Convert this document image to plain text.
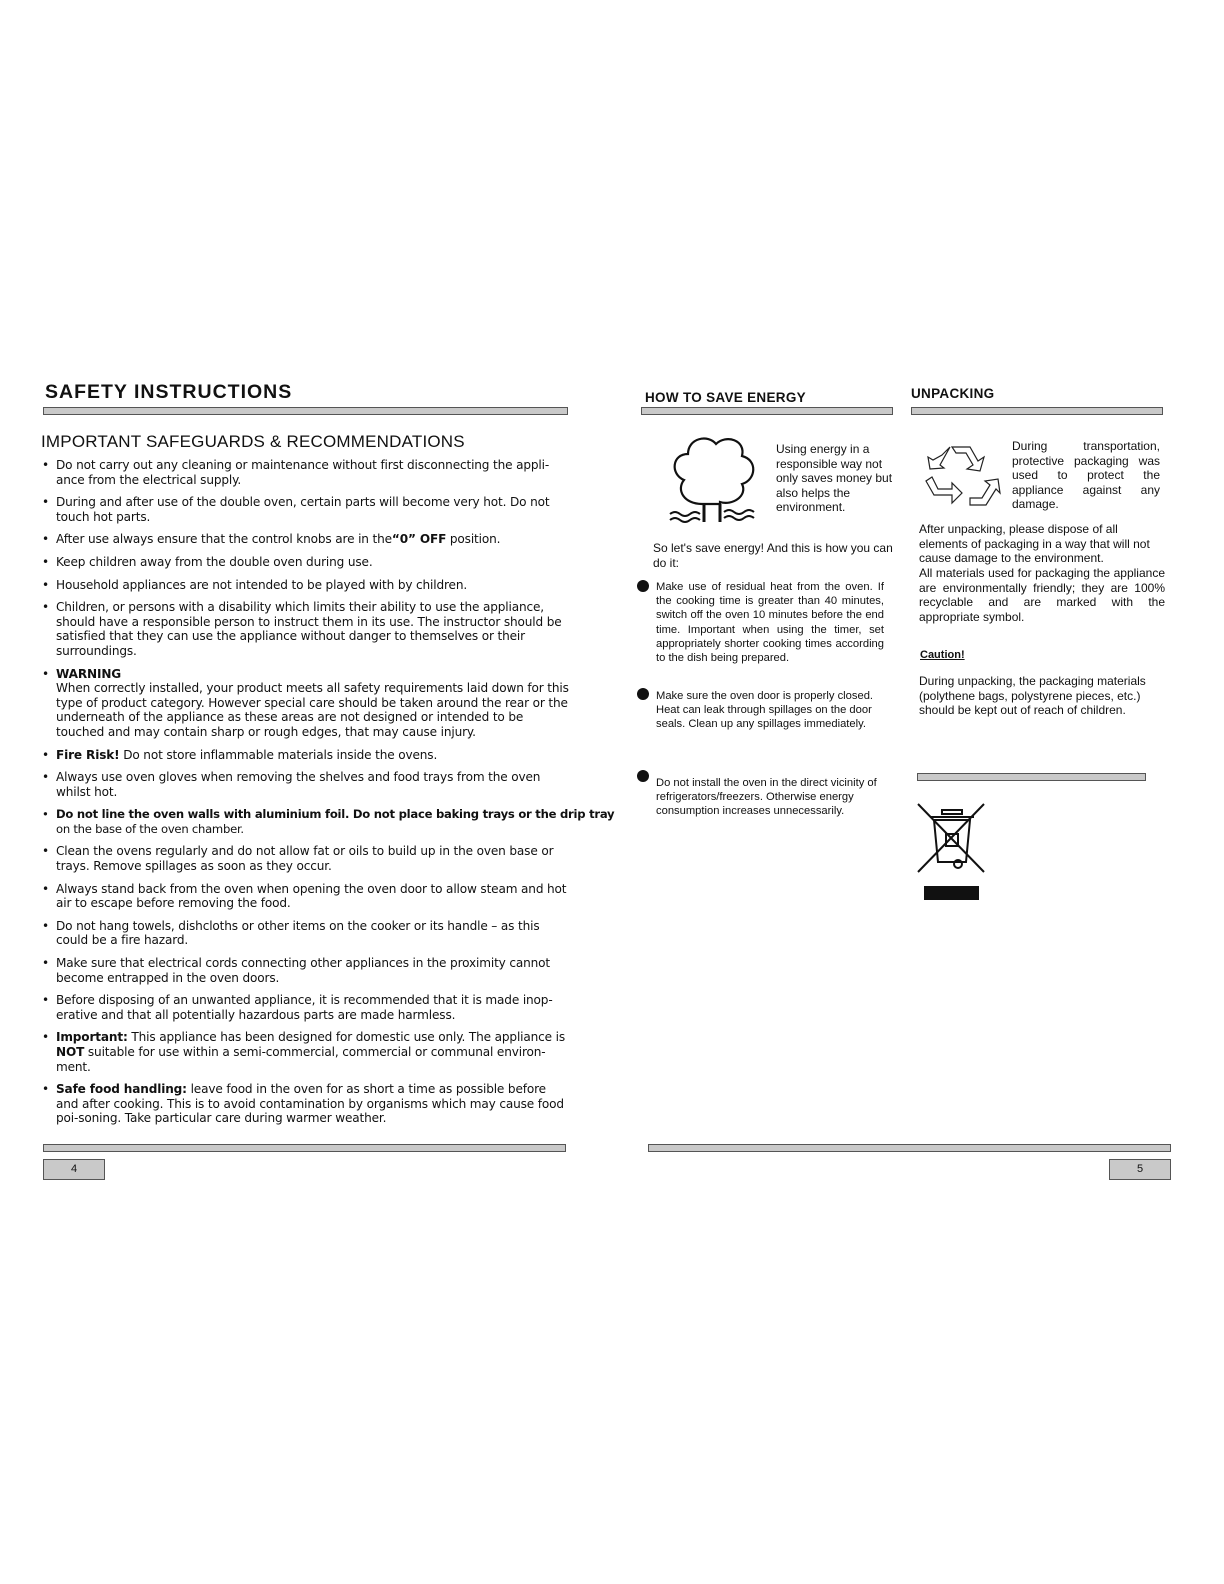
SAFETY INSTRUCTIONS
IMPORTANT SAFEGUARDS & RECOMMENDATIONS
• Do not carry out any cleaning or maintenance without first disconnecting the appli-ance from the electrical supply.
• During and after use of the double oven, certain parts will become very hot. Do not touch hot parts.
• After use always ensure that the control knobs are in the“0” OFF position.
• Keep children away from the double oven during use.
• Household appliances are not intended to be played with by children.
• Children, or persons with a disability which limits their ability to use the appliance, should have a responsible person to instruct them in its use. The instructor should be satisfied that they can use the appliance without danger to themselves or their surroundings.
• WARNING
When correctly installed, your product meets all safety requirements laid down for this type of product category. However special care should be taken around the rear or the underneath of the appliance as these areas are not designed or intended to be touched and may contain sharp or rough edges, that may cause injury.
• Fire Risk! Do not store inflammable materials inside the ovens.
• Always use oven gloves when removing the shelves and food trays from the oven whilst hot.
• Do not line the oven walls with aluminium foil. Do not place baking trays or the drip tray on the base of the oven chamber.
• Clean the ovens regularly and do not allow fat or oils to build up in the oven base or trays. Remove spillages as soon as they occur.
• Always stand back from the oven when opening the oven door to allow steam and hot air to escape before removing the food.
• Do not hang towels, dishcloths or other items on the cooker or its handle – as this could be a fire hazard.
• Make sure that electrical cords connecting other appliances in the proximity cannot become entrapped in the oven doors.
• Before disposing of an unwanted appliance, it is recommended that it is made inop-erative and that all potentially hazardous parts are made harmless.
• Important: This appliance has been designed for domestic use only. The appliance is NOT suitable for use within a semi-commercial, commercial or communal environ-ment.
• Safe food handling: leave food in the oven for as short a time as possible before and after cooking. This is to avoid contamination by organisms which may cause food poi-soning. Take particular care during warmer weather.
4
HOW TO SAVE ENERGY
Using energy in a responsible way not only saves money but also helps the environment.
So let's save energy! And this is how you can do it:
Make use of residual heat from the oven. If the cooking time is greater than 40 minutes, switch off the oven 10 minutes before the end time. Important when using the timer, set appropriately shorter cooking times according to the dish being prepared.
Make sure the oven door is properly closed. Heat can leak through spillages on the door seals. Clean up any spillages immediately.
Do not install the oven in the direct vicinity of refrigerators/freezers. Otherwise energy consumption increases unnecessarily.
UNPACKING
During transportation, protective packaging was used to protect the appliance against any damage.
After unpacking, please dispose of all elements of packaging in a way that will not cause damage to the environment.
All materials used for packaging the appliance are environmentally friendly; they are 100% recyclable and are marked with the appropriate symbol.
Caution!
During unpacking, the packaging materials (polythene bags, polystyrene pieces, etc.) should be kept out of reach of children.
5
